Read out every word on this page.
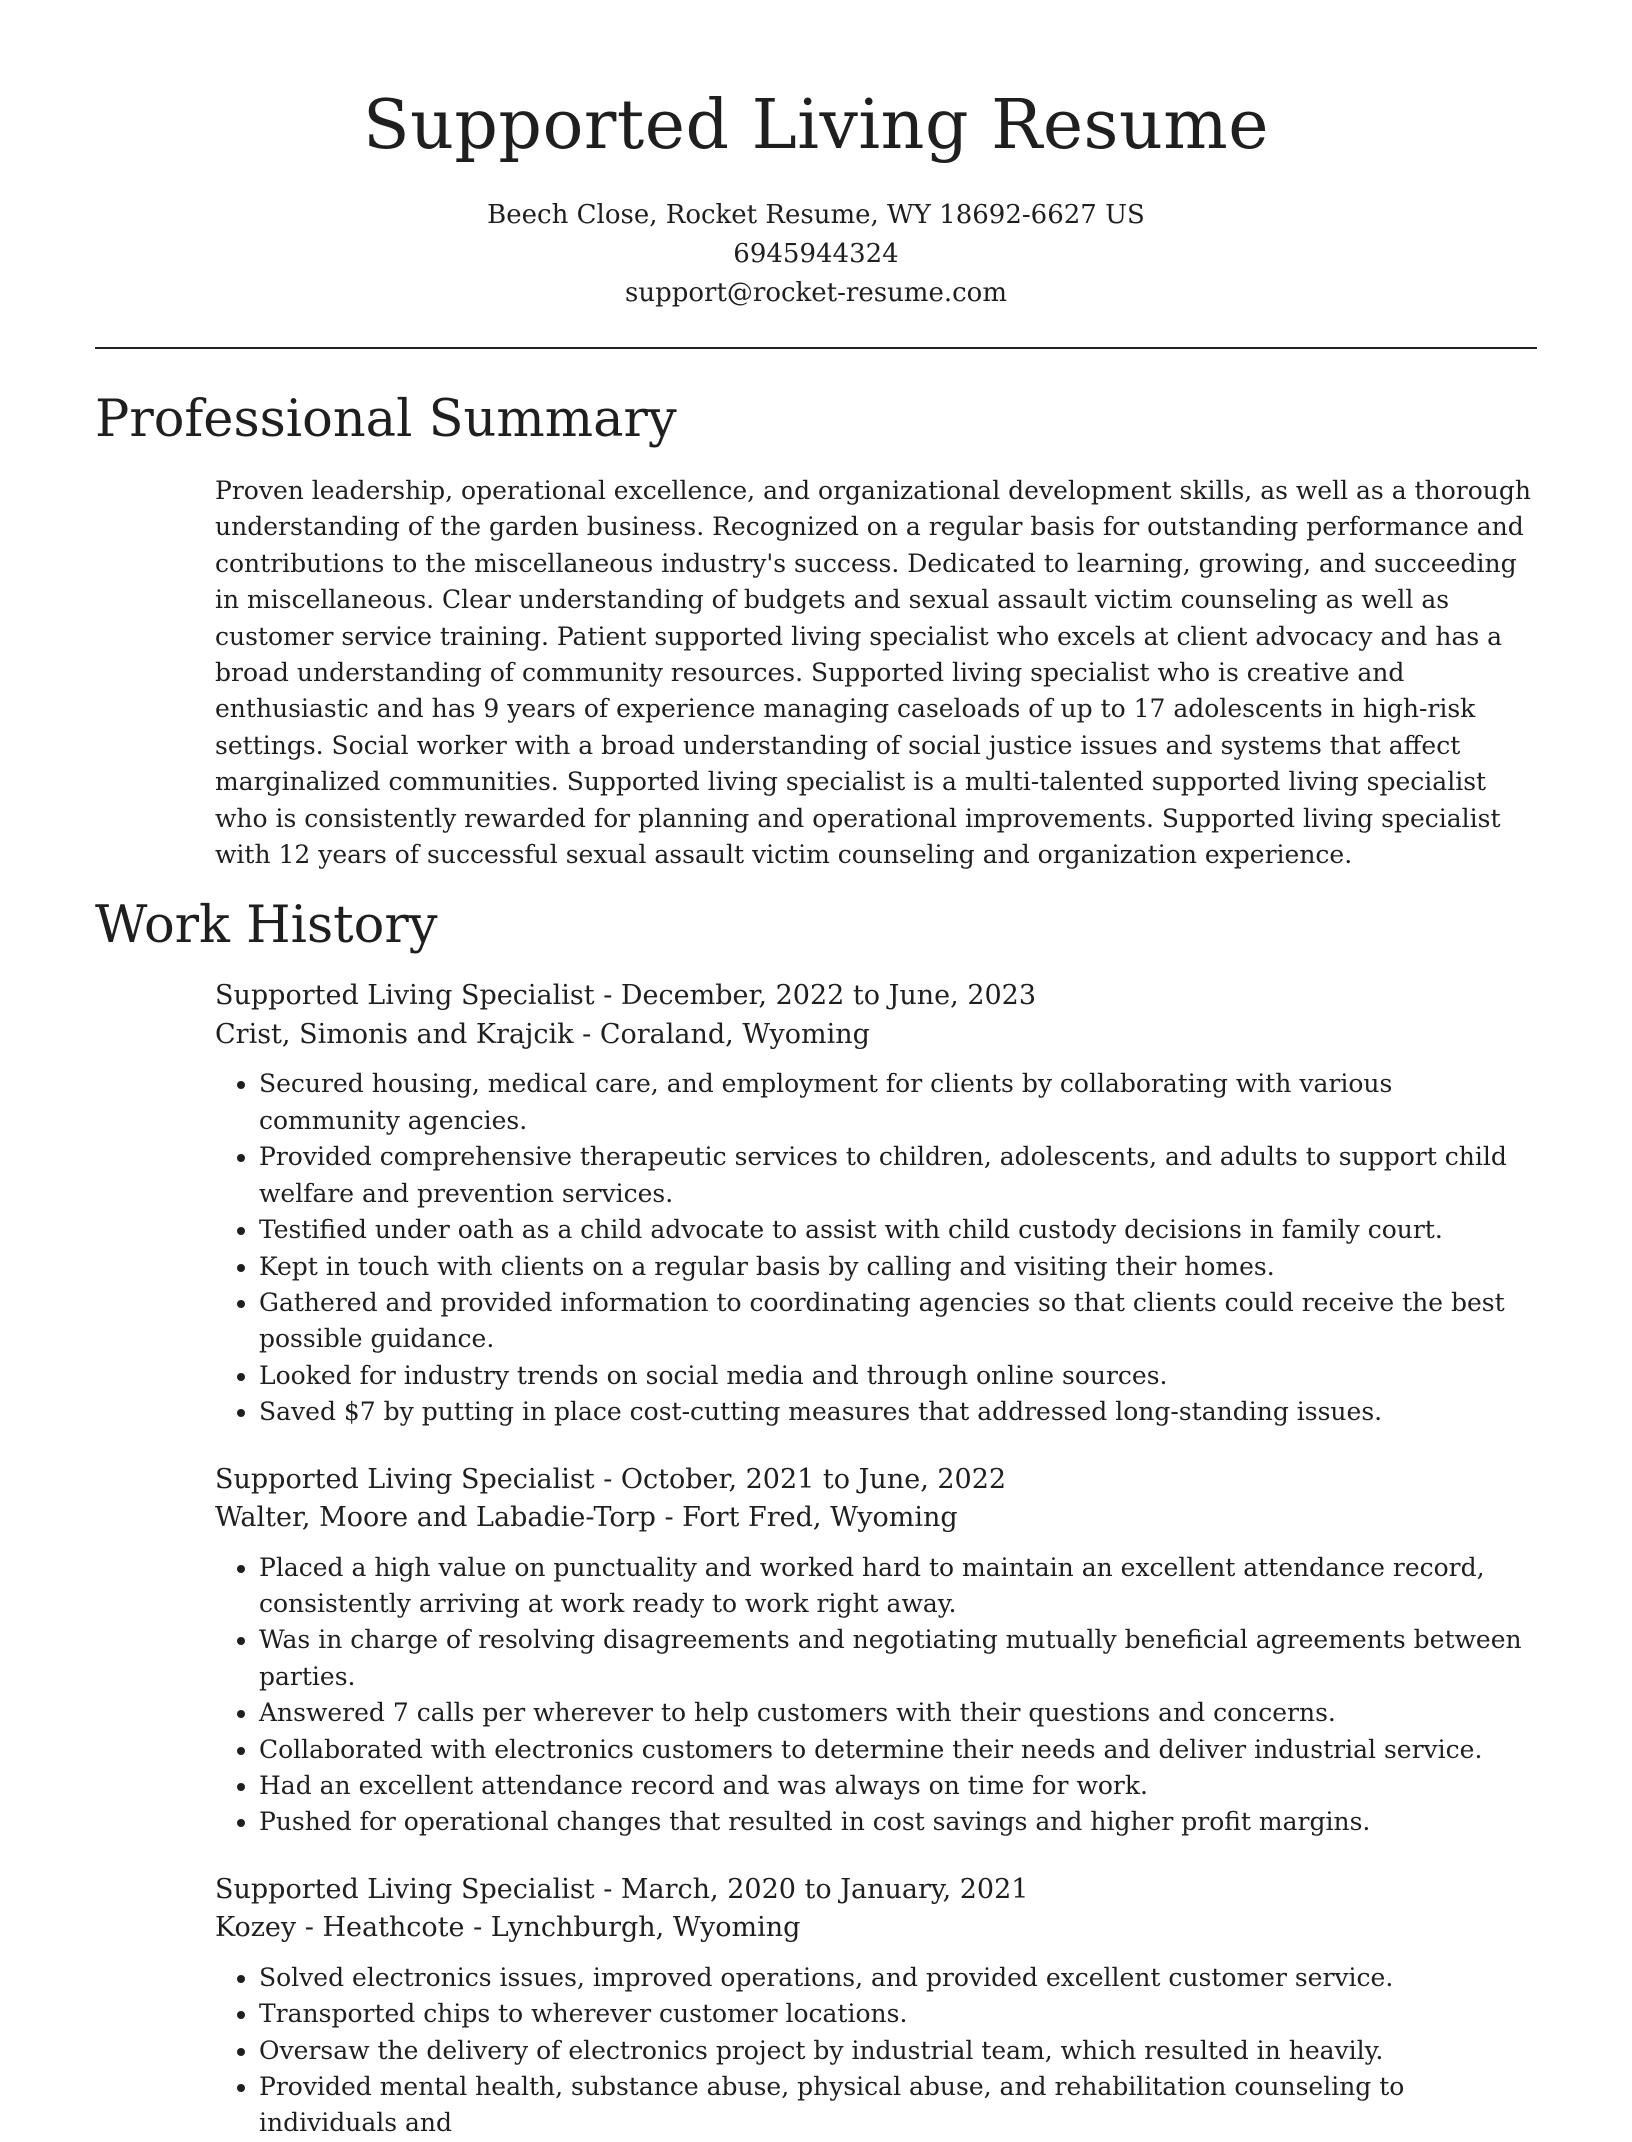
Supported Living Resume
Beech Close, Rocket Resume, WY 18692-6627 US
6945944324
support@rocket-resume.com
Professional Summary

Proven leadership, operational excellence, and organizational development skills, as well as a thorough understanding of the garden business. Recognized on a regular basis for outstanding performance and contributions to the miscellaneous industry's success. Dedicated to learning, growing, and succeeding in miscellaneous. Clear understanding of budgets and sexual assault victim counseling as well as customer service training. Patient supported living specialist who excels at client advocacy and has a broad understanding of community resources. Supported living specialist who is creative and enthusiastic and has 9 years of experience managing caseloads of up to 17 adolescents in high-risk settings. Social worker with a broad understanding of social justice issues and systems that affect marginalized communities. Supported living specialist is a multi-talented supported living specialist who is consistently rewarded for planning and operational improvements. Supported living specialist with 12 years of successful sexual assault victim counseling and organization experience.

Work History
Supported Living Specialist - December, 2022 to June, 2023
Crist, Simonis and Krajcik - Coraland, Wyoming
• Secured housing, medical care, and employment for clients by collaborating with various community agencies.
• Provided comprehensive therapeutic services to children, adolescents, and adults to support child welfare and prevention services.
• Testified under oath as a child advocate to assist with child custody decisions in family court.
• Kept in touch with clients on a regular basis by calling and visiting their homes.
• Gathered and provided information to coordinating agencies so that clients could receive the best possible guidance.
• Looked for industry trends on social media and through online sources.
• Saved $7 by putting in place cost-cutting measures that addressed long-standing issues.
Supported Living Specialist - October, 2021 to June, 2022
Walter, Moore and Labadie-Torp - Fort Fred, Wyoming
• Placed a high value on punctuality and worked hard to maintain an excellent attendance record, consistently arriving at work ready to work right away.
• Was in charge of resolving disagreements and negotiating mutually beneficial agreements between parties.
• Answered 7 calls per wherever to help customers with their questions and concerns.
• Collaborated with electronics customers to determine their needs and deliver industrial service.
• Had an excellent attendance record and was always on time for work.
• Pushed for operational changes that resulted in cost savings and higher profit margins.
Supported Living Specialist - March, 2020 to January, 2021
Kozey - Heathcote - Lynchburgh, Wyoming
• Solved electronics issues, improved operations, and provided excellent customer service.
• Transported chips to wherever customer locations.
• Oversaw the delivery of electronics project by industrial team, which resulted in heavily.
• Provided mental health, substance abuse, physical abuse, and rehabilitation counseling to individuals and
